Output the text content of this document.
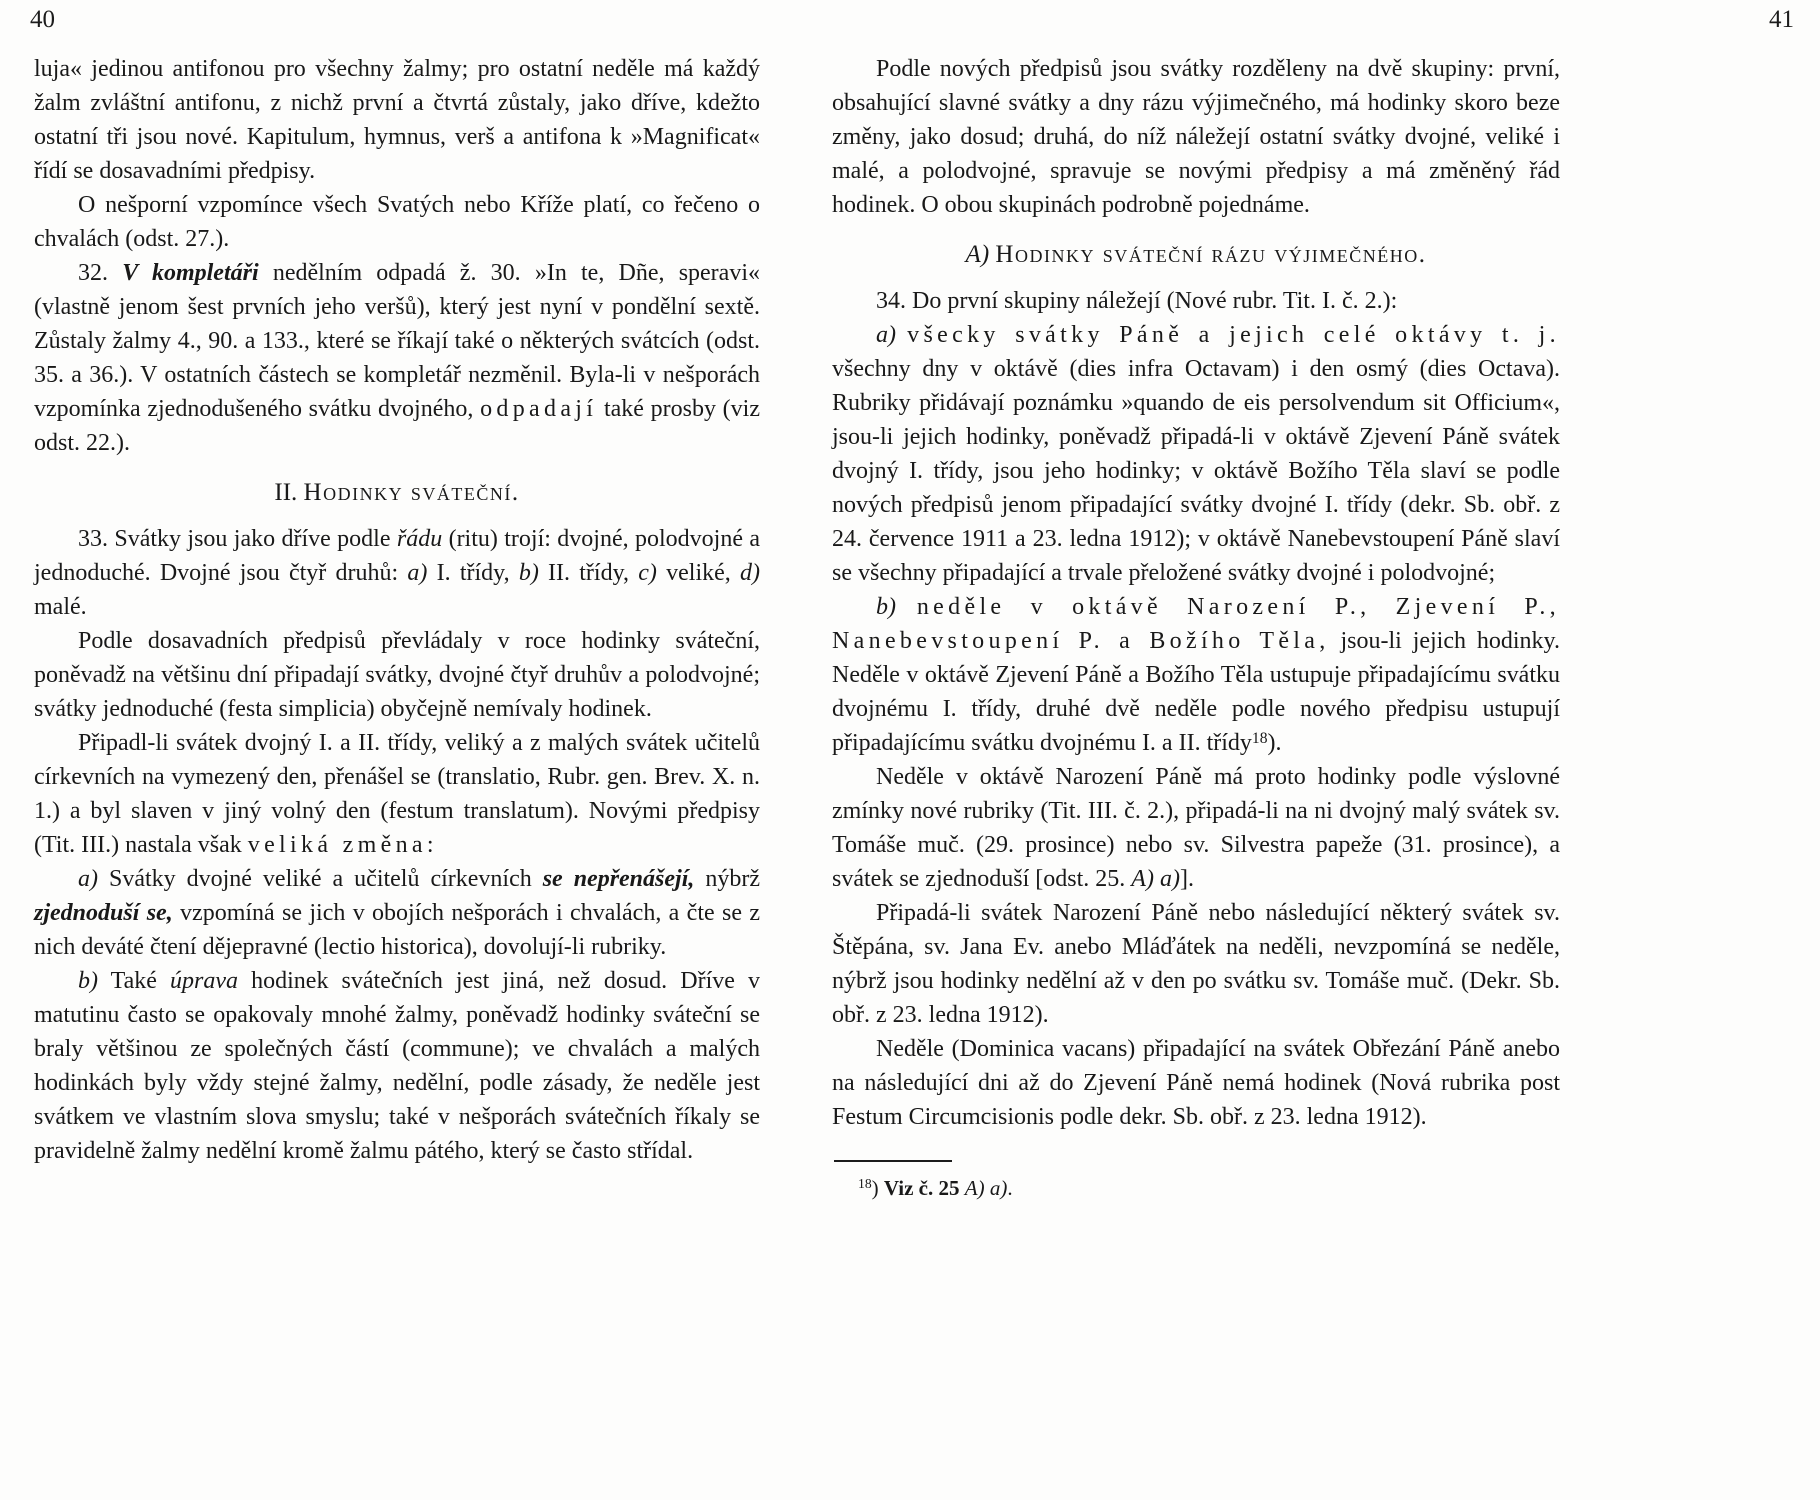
40	41

luja« jedinou antifonou pro všechny žalmy; pro ostatní neděle má každý žalm zvláštní antifonu, z nichž první a čtvrtá zůstaly, jako dříve, kdežto ostatní tři jsou nové. Kapitulum, hymnus, verš a antifona k »Magnificat« řídí se dosavadními předpisy.

O nešporní vzpomínce všech Svatých nebo Kříže platí, co řečeno o chvalách (odst. 27.).

32. V kompletáři nedělním odpadá ž. 30. »In te, Dñe, speravi« (vlastně jenom šest prvních jeho veršů), který jest nyní v pondělní sextě. Zůstaly žalmy 4., 90. a 133., které se říkají také o některých svátcích (odst. 35. a 36.). V ostatních částech se kompletář nezměnil. Byla-li v nešporách vzpomínka zjednodušeného svátku dvojného, odpadají také prosby (viz odst. 22.).

II. Hodinky sváteční.

33. Svátky jsou jako dříve podle řádu (ritu) trojí: dvojné, polodvojné a jednoduché. Dvojné jsou čtyř druhů: a) I. třídy, b) II. třídy, c) veliké, d) malé.

Podle dosavadních předpisů převládaly v roce hodinky sváteční, poněvadž na většinu dní připadají svátky, dvojné čtyř druhův a polodvojné; svátky jednoduché (festa simplicia) obyčejně nemívaly hodinek.

Připadl-li svátek dvojný I. a II. třídy, veliký a z malých svátek učitelů církevních na vymezený den, přenášel se (translatio, Rubr. gen. Brev. X. n. 1.) a byl slaven v jiný volný den (festum translatum). Novými předpisy (Tit. III.) nastala však veliká změna:

a) Svátky dvojné veliké a učitelů církevních se nepřenášejí, nýbrž zjednoduší se, vzpomíná se jich v obojích nešporách i chvalách, a čte se z nich deváté čtení dějepravné (lectio historica), dovolují-li rubriky.

b) Také úprava hodinek svátečních jest jiná, než dosud. Dříve v matutinu často se opakovaly mnohé žalmy, poněvadž hodinky sváteční se braly většinou ze společných částí (commune); ve chvalách a malých hodinkách byly vždy stejné žalmy, nedělní, podle zásady, že neděle jest svátkem ve vlastním slova smyslu; také v nešporách svátečních říkaly se pravidelně žalmy nedělní kromě žalmu pátého, který se často střídal.

Podle nových předpisů jsou svátky rozděleny na dvě skupiny: první, obsahující slavné svátky a dny rázu výjimečného, má hodinky skoro beze změny, jako dosud; druhá, do níž náležejí ostatní svátky dvojné, veliké i malé, a polodvojné, spravuje se novými předpisy a má změněný řád hodinek. O obou skupinách podrobně pojednáme.

A) Hodinky sváteční rázu výjimečného.

34. Do první skupiny náležejí (Nové rubr. Tit. I. č. 2.):

a) všecky svátky Páně a jejich celé oktávy t. j. všechny dny v oktávě (dies infra Octavam) i den osmý (dies Octava). Rubriky přidávají poznámku »quando de eis persolvendum sit Officium«, jsou-li jejich hodinky, poněvadž připadá-li v oktávě Zjevení Páně svátek dvojný I. třídy, jsou jeho hodinky; v oktávě Božího Těla slaví se podle nových předpisů jenom připadající svátky dvojné I. třídy (dekr. Sb. obř. z 24. července 1911 a 23. ledna 1912); v oktávě Nanebevstoupení Páně slaví se všechny připadající a trvale přeložené svátky dvojné i polodvojné;

b) neděle v oktávě Narození P., Zjevení P., Nanebevstoupení P. a Božího Těla, jsou-li jejich hodinky. Neděle v oktávě Zjevení Páně a Božího Těla ustupuje připadajícímu svátku dvojnému I. třídy, druhé dvě neděle podle nového předpisu ustupují připadajícímu svátku dvojnému I. a II. třídy$^{18}$).

Neděle v oktávě Narození Páně má proto hodinky podle výslovné zmínky nové rubriky (Tit. III. č. 2.), připadá-li na ni dvojný malý svátek sv. Tomáše muč. (29. prosince) nebo sv. Silvestra papeže (31. prosince), a svátek se zjednoduší [odst. 25. A) a)].

Připadá-li svátek Narození Páně nebo následující některý svátek sv. Štěpána, sv. Jana Ev. anebo Mláďátek na neděli, nevzpomíná se neděle, nýbrž jsou hodinky nedělní až v den po svátku sv. Tomáše muč. (Dekr. Sb. obř. z 23. ledna 1912).

Neděle (Dominica vacans) připadající na svátek Obřezání Páně anebo na následující dni až do Zjevení Páně nemá hodinek (Nová rubrika post Festum Circumcisionis podle dekr. Sb. obř. z 23. ledna 1912).

$^{18}$) Viz č. 25 A) a).
